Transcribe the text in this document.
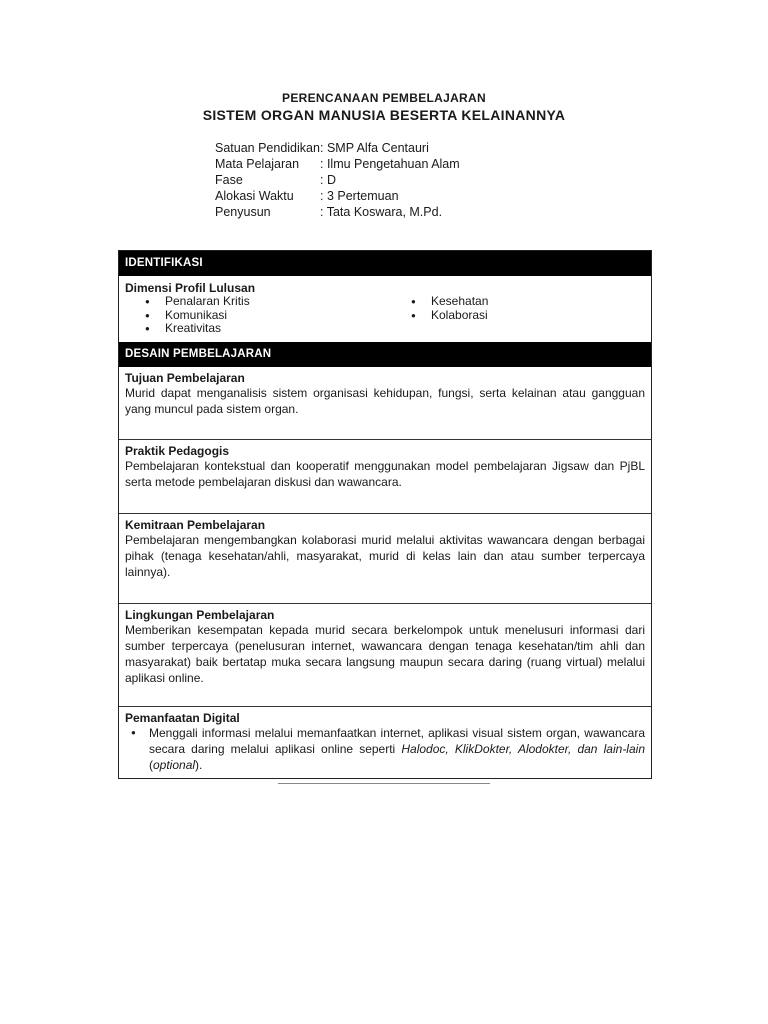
PERENCANAAN PEMBELAJARAN
SISTEM ORGAN MANUSIA BESERTA KELAINANNYA
Satuan Pendidikan : SMP Alfa Centauri
Mata Pelajaran	: Ilmu Pengetahuan Alam
Fase	: D
Alokasi Waktu	: 3 Pertemuan
Penyusun	: Tata Koswara, M.Pd.
IDENTIFIKASI
Dimensi Profil Lulusan
● Penalaran Kritis
● Komunikasi
● Kreativitas
● Kesehatan
● Kolaborasi
DESAIN PEMBELAJARAN
Tujuan Pembelajaran

Murid dapat menganalisis sistem organisasi kehidupan, fungsi, serta kelainan atau gangguan yang muncul pada sistem organ.

Praktik Pedagogis

Pembelajaran kontekstual dan kooperatif menggunakan model pembelajaran Jigsaw dan PjBL serta metode pembelajaran diskusi dan wawancara.

Kemitraan Pembelajaran

Pembelajaran mengembangkan kolaborasi murid melalui aktivitas wawancara dengan berbagai pihak (tenaga kesehatan/ahli, masyarakat, murid di kelas lain dan atau sumber terpercaya lainnya).

Lingkungan Pembelajaran

Memberikan kesempatan kepada murid secara berkelompok untuk menelusuri informasi dari sumber terpercaya (penelusuran internet, wawancara dengan tenaga kesehatan/tim ahli dan masyarakat) baik bertatap muka secara langsung maupun secara daring (ruang virtual) melalui aplikasi online.

Pemanfaatan Digital
● Menggali informasi melalui memanfaatkan internet, aplikasi visual sistem organ, wawancara secara daring melalui aplikasi online seperti Halodoc, KlikDokter, Alodokter, dan lain-lain (optional).
